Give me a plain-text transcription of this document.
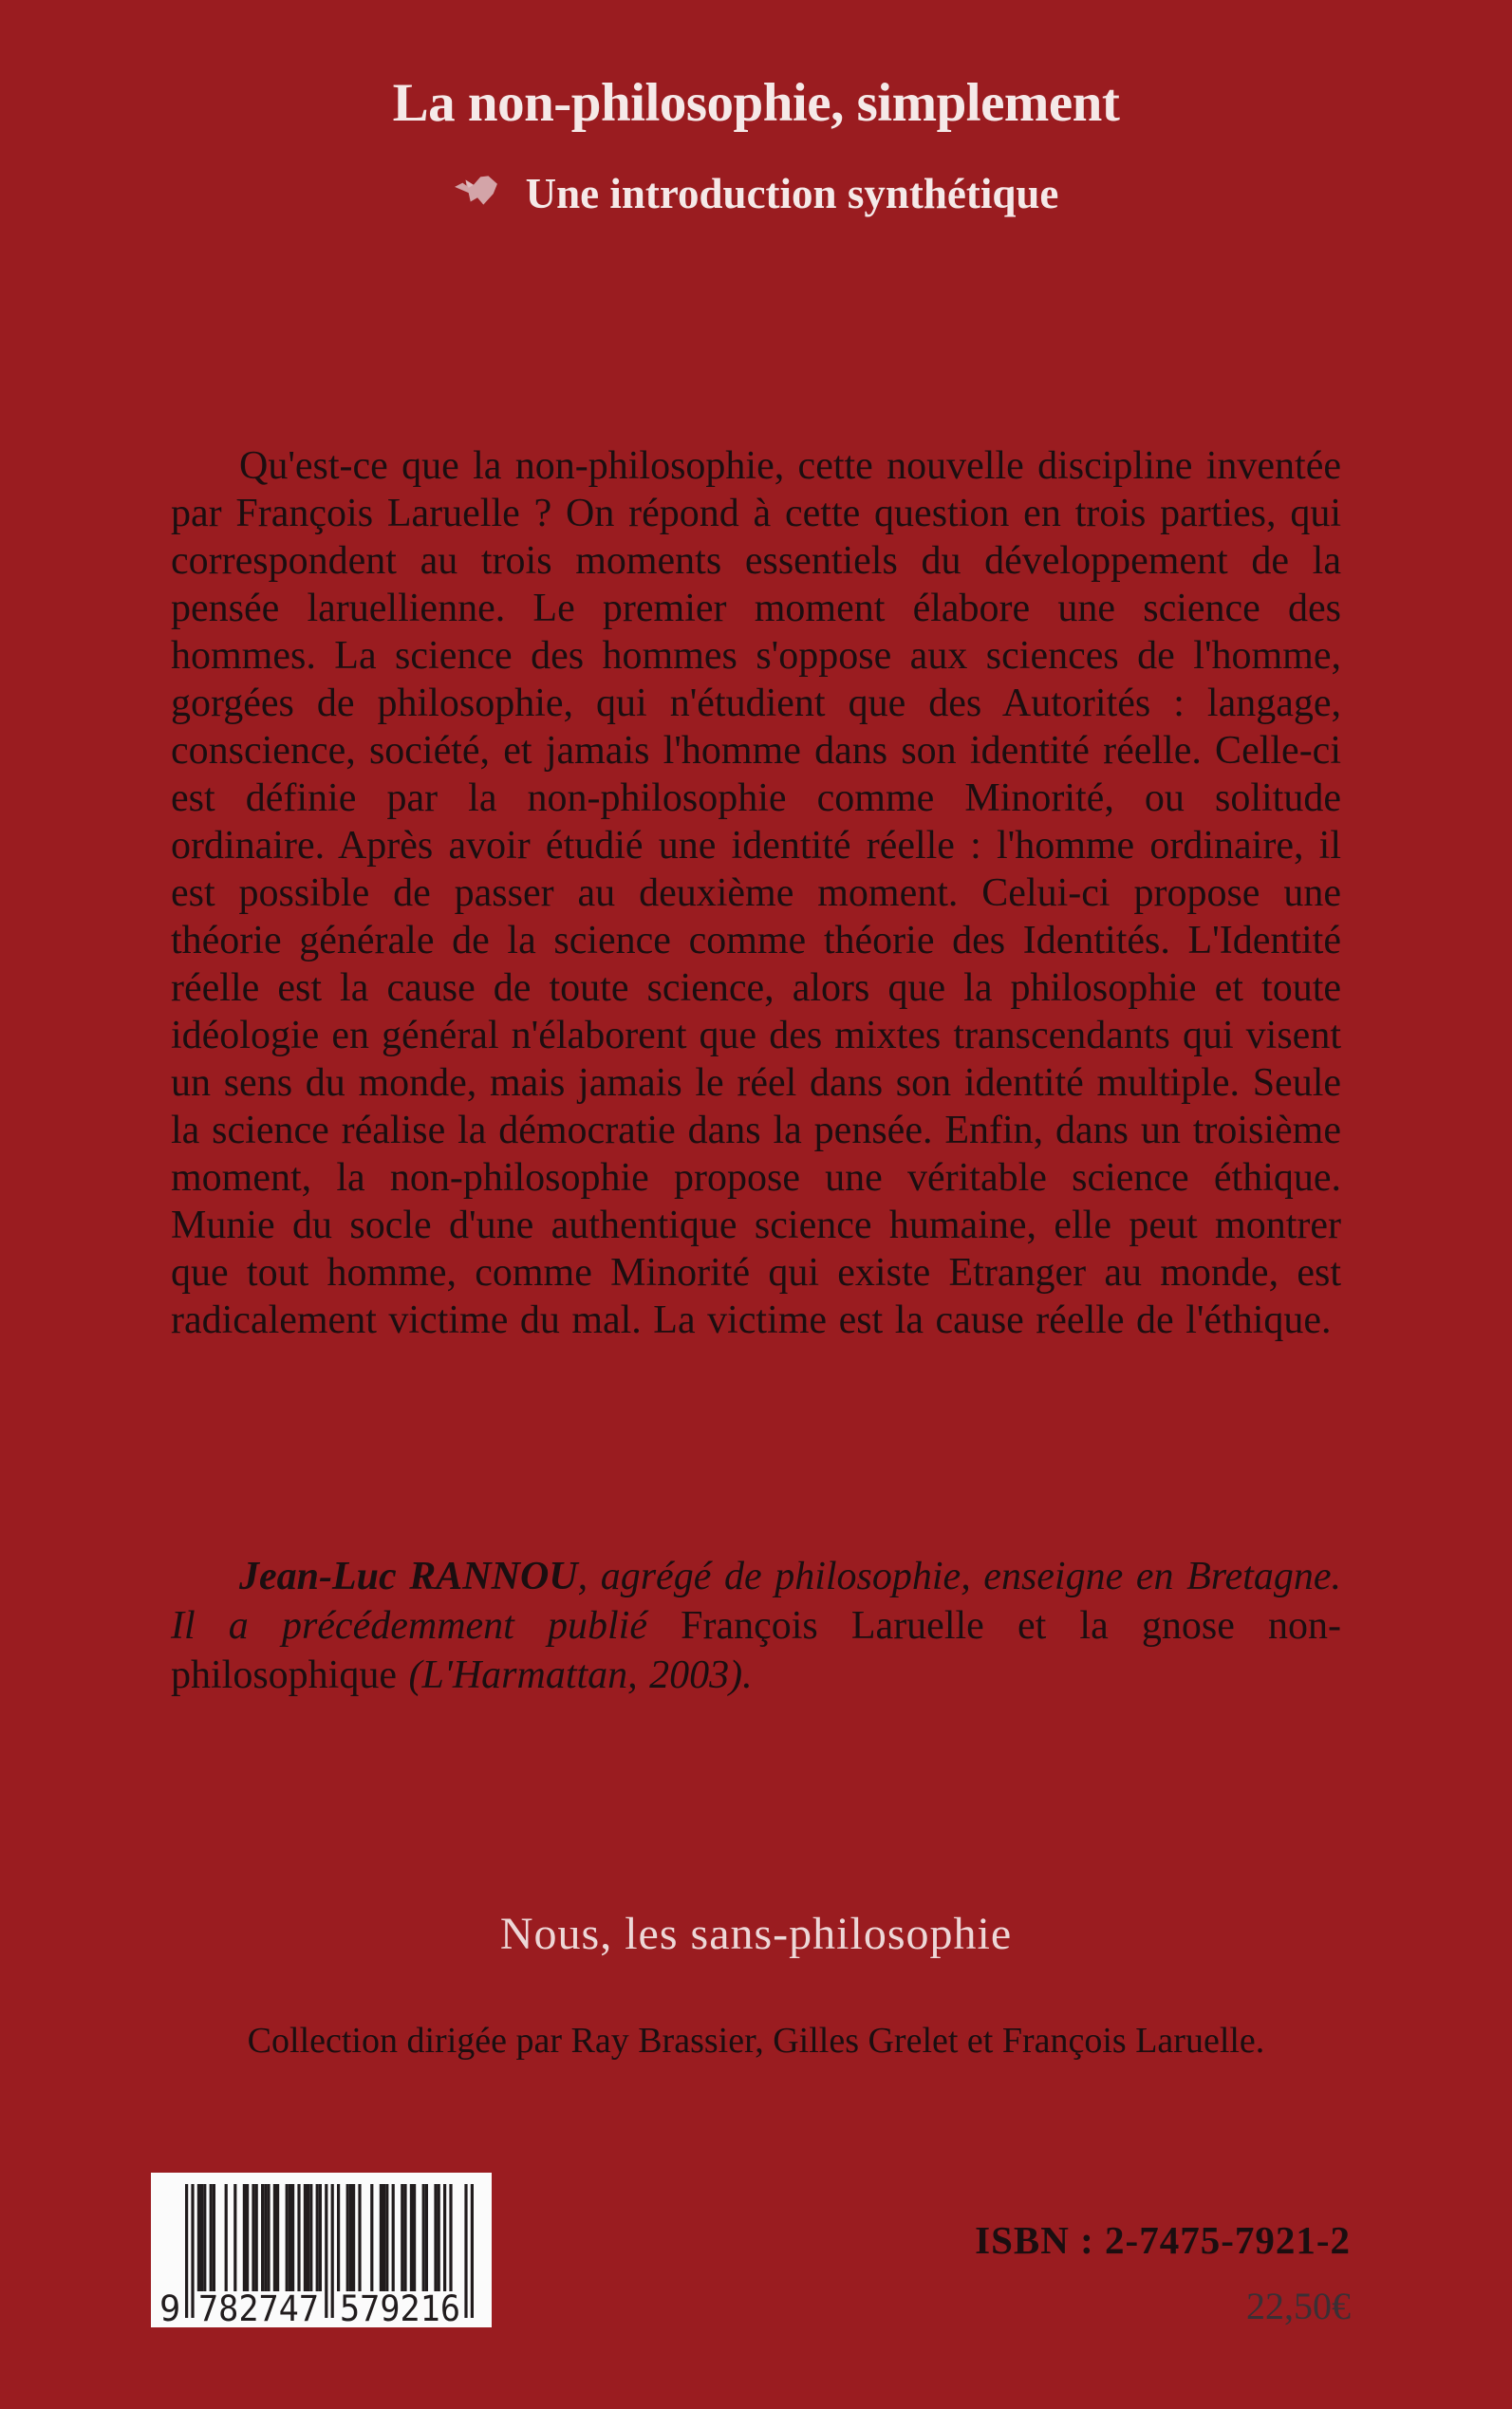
La non-philosophie, simplement
Une introduction synthétique

Qu'est-ce que la non-philosophie, cette nouvelle discipline inventée par François Laruelle ? On répond à cette question en trois parties, qui correspondent au trois moments essentiels du développement de la pensée laruellienne. Le premier moment élabore une science des hommes. La science des hommes s'oppose aux sciences de l'homme, gorgées de philosophie, qui n'étudient que des Autorités : langage, conscience, société, et jamais l'homme dans son identité réelle. Celle-ci est définie par la non-philosophie comme Minorité, ou solitude ordinaire. Après avoir étudié une identité réelle : l'homme ordinaire, il est possible de passer au deuxième moment. Celui-ci propose une théorie générale de la science comme théorie des Identités. L'Identité réelle est la cause de toute science, alors que la philosophie et toute idéologie en général n'élaborent que des mixtes transcendants qui visent un sens du monde, mais jamais le réel dans son identité multiple. Seule la science réalise la démocratie dans la pensée. Enfin, dans un troisième moment, la non-philosophie propose une véritable science éthique. Munie du socle d'une authentique science humaine, elle peut montrer que tout homme, comme Minorité qui existe Etranger au monde, est radicalement victime du mal. La victime est la cause réelle de l'éthique.

Jean-Luc RANNOU, agrégé de philosophie, enseigne en Bretagne. Il a précédemment publié François Laruelle et la gnose non-philosophique (L'Harmattan, 2003).

Nous, les sans-philosophie
Collection dirigée par Ray Brassier, Gilles Grelet et François Laruelle.
9 782747 579216
ISBN : 2-7475-7921-2
22,50€
